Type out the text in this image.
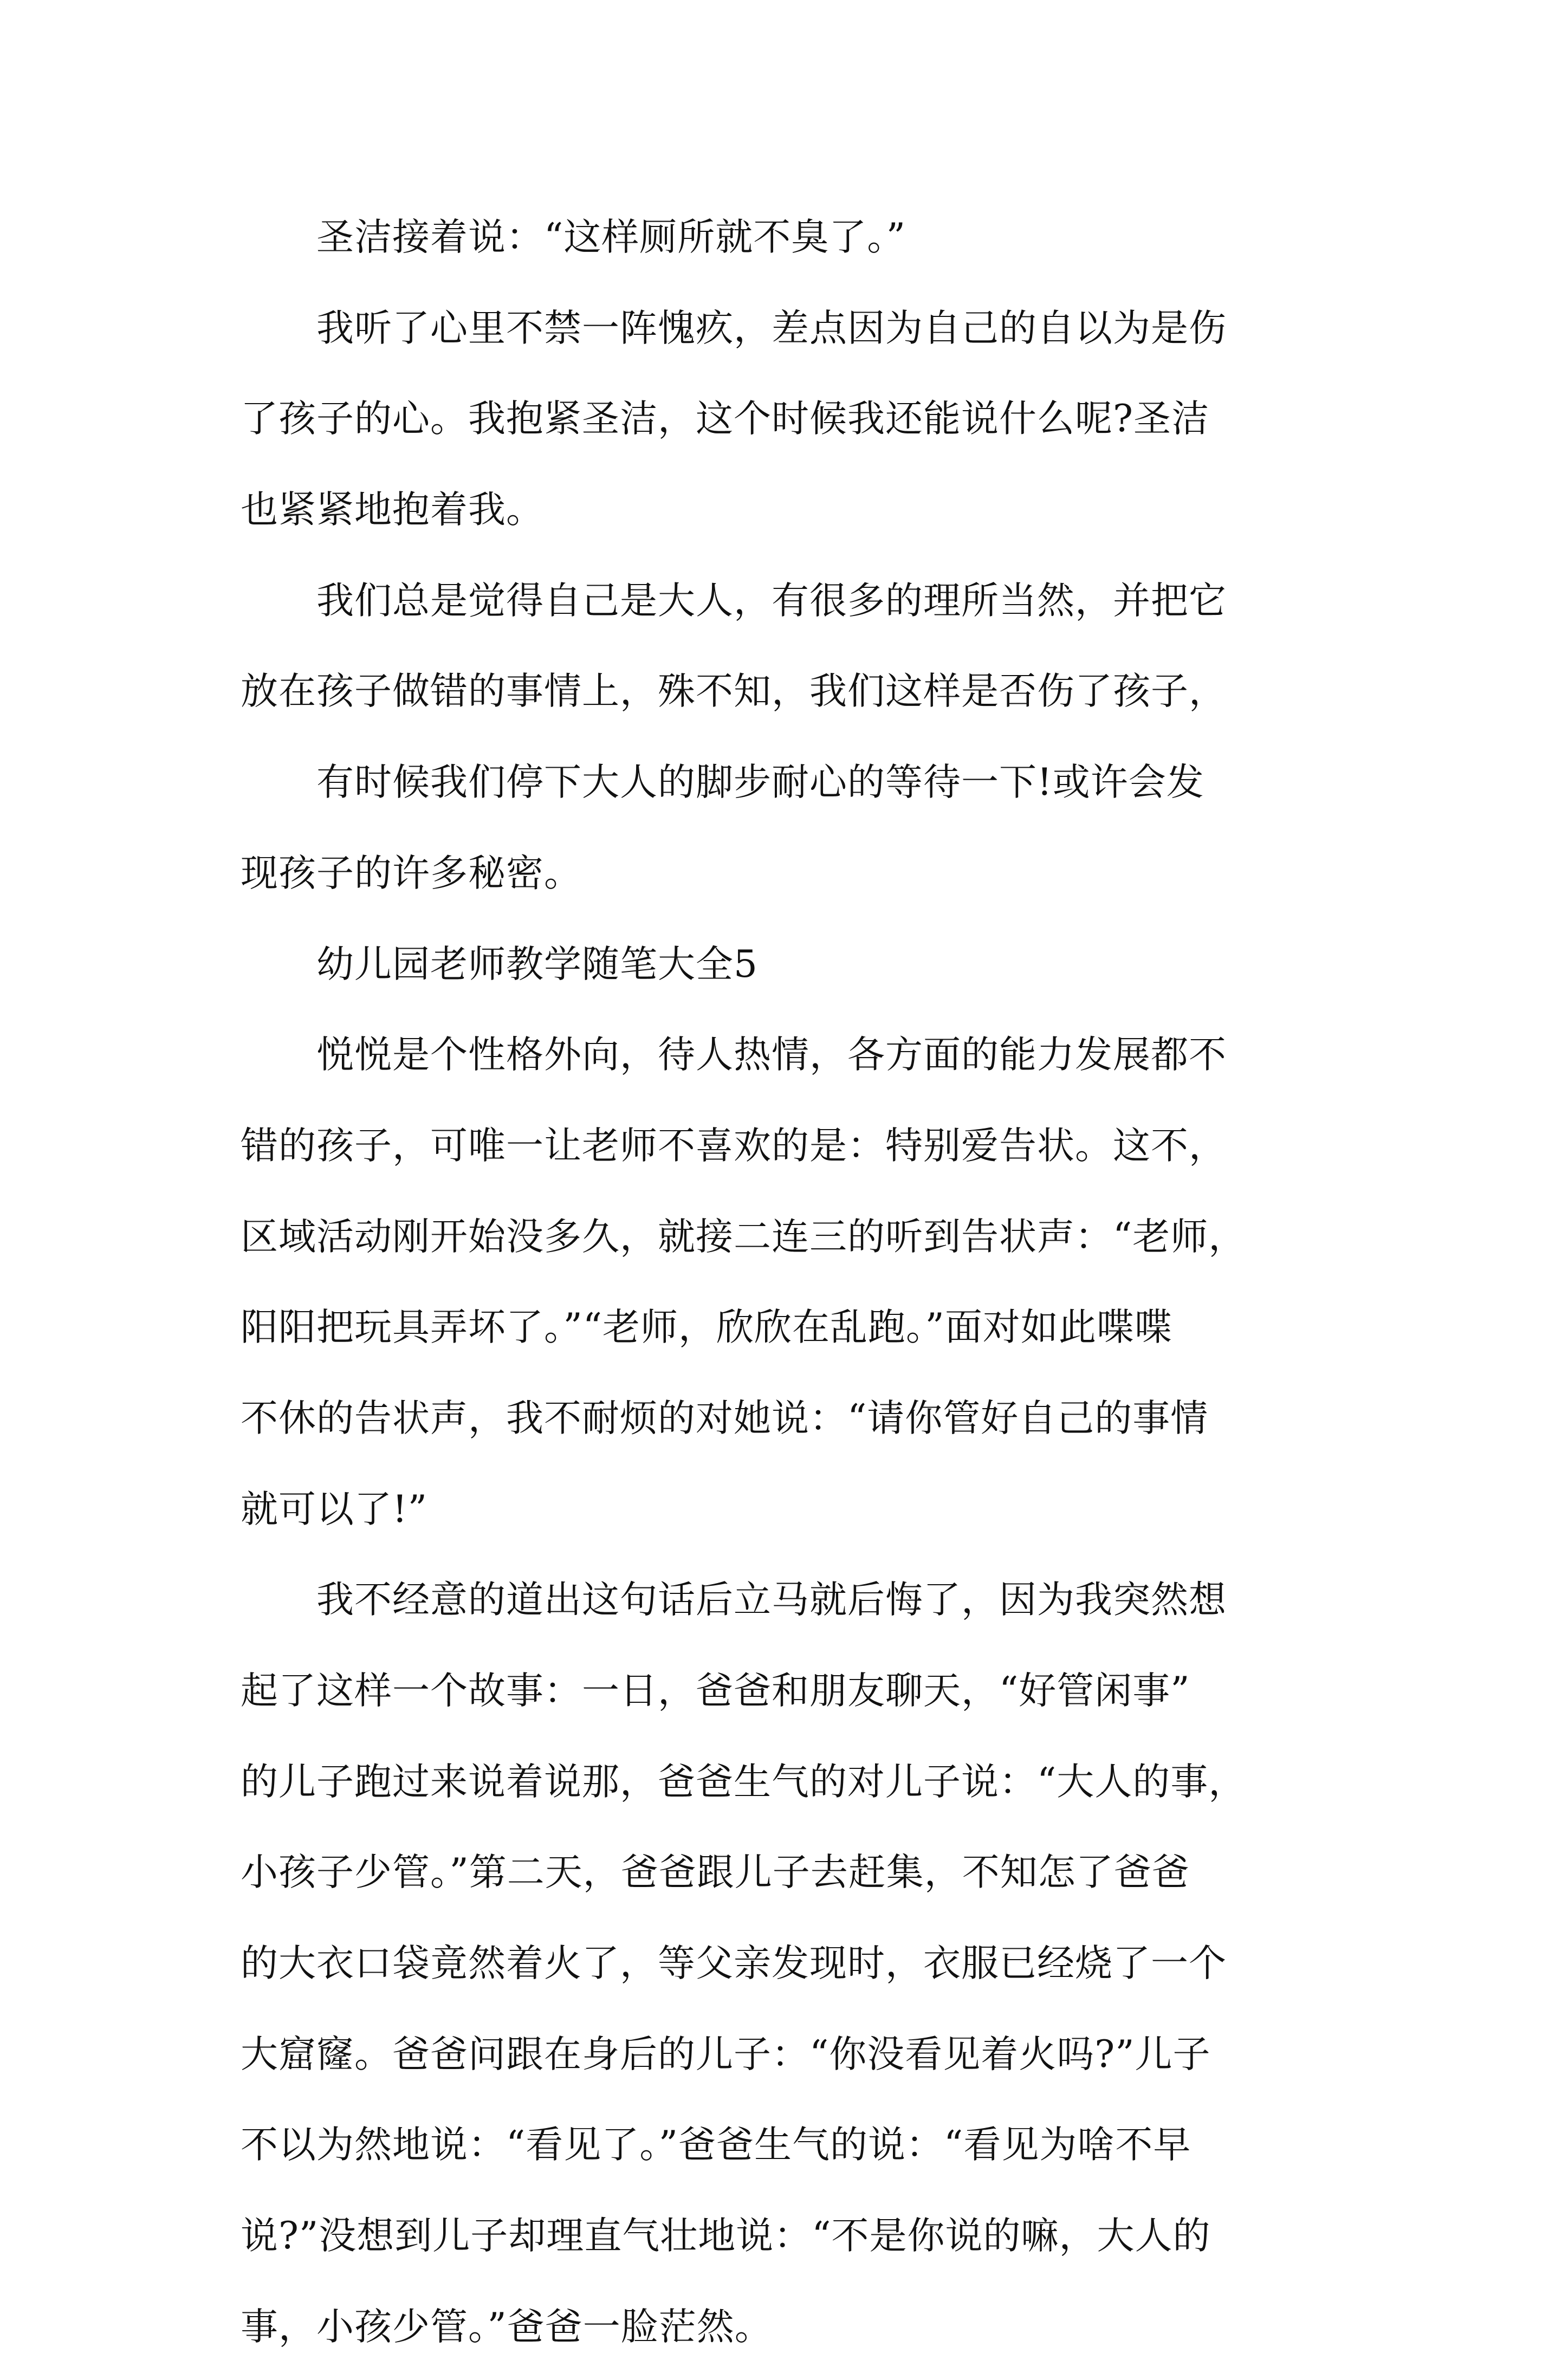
　　圣洁接着说：“这样厕所就不臭了。”
　　我听了心里不禁一阵愧疚，差点因为自己的自以为是伤
了孩子的心。我抱紧圣洁，这个时候我还能说什么呢?圣洁
也紧紧地抱着我。
　　我们总是觉得自己是大人，有很多的理所当然，并把它
放在孩子做错的事情上，殊不知，我们这样是否伤了孩子，
　　有时候我们停下大人的脚步耐心的等待一下!或许会发
现孩子的许多秘密。
　　幼儿园老师教学随笔大全5
　　悦悦是个性格外向，待人热情，各方面的能力发展都不
错的孩子，可唯一让老师不喜欢的是：特别爱告状。这不，
区域活动刚开始没多久，就接二连三的听到告状声：“老师，
阳阳把玩具弄坏了。”“老师，欣欣在乱跑。”面对如此喋喋
不休的告状声，我不耐烦的对她说：“请你管好自己的事情
就可以了!”
　　我不经意的道出这句话后立马就后悔了，因为我突然想
起了这样一个故事：一日，爸爸和朋友聊天，“好管闲事”
的儿子跑过来说着说那，爸爸生气的对儿子说：“大人的事，
小孩子少管。”第二天，爸爸跟儿子去赶集，不知怎了爸爸
的大衣口袋竟然着火了，等父亲发现时，衣服已经烧了一个
大窟窿。爸爸问跟在身后的儿子：“你没看见着火吗?”儿子
不以为然地说：“看见了。”爸爸生气的说：“看见为啥不早
说?”没想到儿子却理直气壮地说：“不是你说的嘛，大人的
事，小孩少管。”爸爸一脸茫然。
